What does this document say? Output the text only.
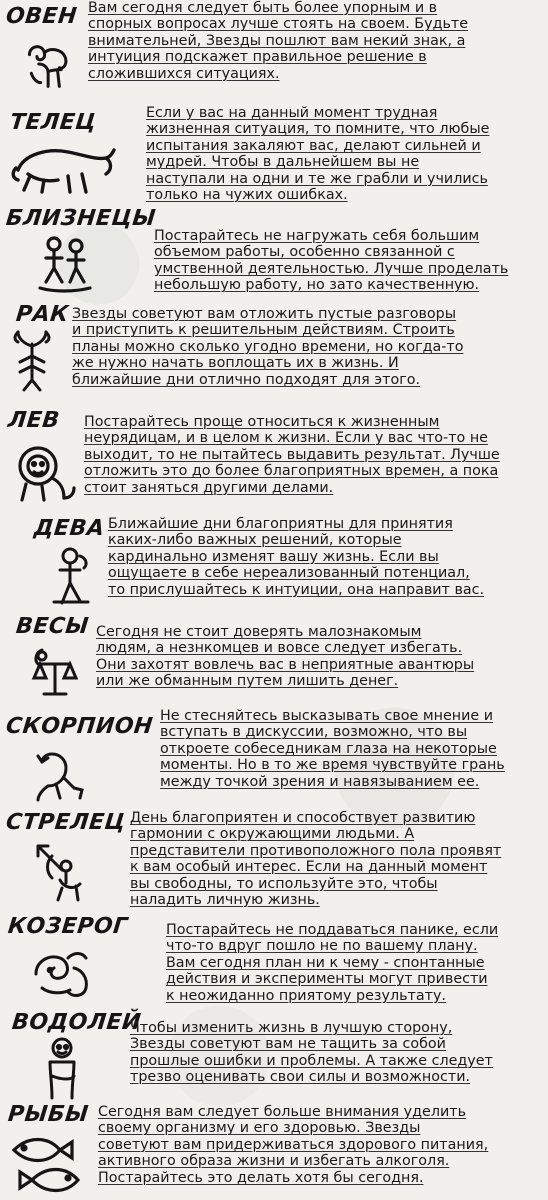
ОВЕН Вам сегодня следует быть более упорным и в
спорных вопросах лучше стоять на своем. Будьте
внимательней, Звезды пошлют вам некий знак, а
интуиция подскажет правильное решение в
сложившихся ситуациях.
ТЕЛЕЦ	Если у вас на данный момент трудная
жизненная ситуация, то помните, что любые
испытания закаляют вас, делают сильней и
мудрей. Чтобы в дальнейшем вы не
наступали на одни и те же грабли и учились
только на чужих ошибках.
БЛИЗНЕЦЫ
Постарайтесь не нагружать себя большим
объемом работы, особенно связанной с
умственной деятельностью. Лучше проделать
небольшую работу, но зато качественную.
РАК Звезды советуют вам отложить пустые разговоры
и приступить к решительным действиям. Строить
планы можно сколько угодно времени, но когда-то
же нужно начать воплощать их в жизнь. И
ближайшие дни отлично подходят для этого.
ЛЕВ Постарайтесь проще относиться к жизненным
неурядицам, и в целом к жизни. Если у вас что-то не
выходит, то не пытайтесь выдавить результат. Лучше
отложить это до более благоприятных времен, а пока
стоит заняться другими делами.
ДЕВА Ближайшие дни благоприятны для принятия
каких-либо важных решений, которые
кардинально изменят вашу жизнь. Если вы
ощущаете в себе нереализованный потенциал,
то прислушайтесь к интуиции, она направит вас.
ВЕСЫ Сегодня не стоит доверять малознакомым
людям, а незнкомцев и вовсе следует избегать.
Они захотят вовлечь вас в неприятные авантюры
или же обманным путем лишить денег.
СКОРПИОН Не стесняйтесь высказывать свое мнение и
вступать в дискуссии, возможно, что вы
откроете собеседникам глаза на некоторые
моменты. Но в то же время чувствуйте грань
между точкой зрения и навязыванием ее.
СТРЕЛЕЦ День благоприятен и способствует развитию
гармонии с окружающими людьми. А
представители противоположного пола проявят
к вам особый интерес. Если на данный момент
вы свободны, то используйте это, чтобы
наладить личную жизнь.
КОЗЕРОГ	Постарайтесь не поддаваться панике, если
что-то вдруг пошло не по вашему плану.
Вам сегодня план ни к чему - спонтанные
действия и эксперименты могут привести
к неожиданно приятому результату.
ВОДОЛЕЙ
Чтобы изменить жизнь в лучшую сторону,
Звезды советуют вам не тащить за собой
прошлые ошибки и проблемы. А также следует
трезво оценивать свои силы и возможности.
РЫБЫ Сегодня вам следует больше внимания уделить
своему организму и его здоровью. Звезды
советуют вам придерживаться здорового питания,
активного образа жизни и избегать алкоголя.
Постарайтесь это делать хотя бы сегодня.
